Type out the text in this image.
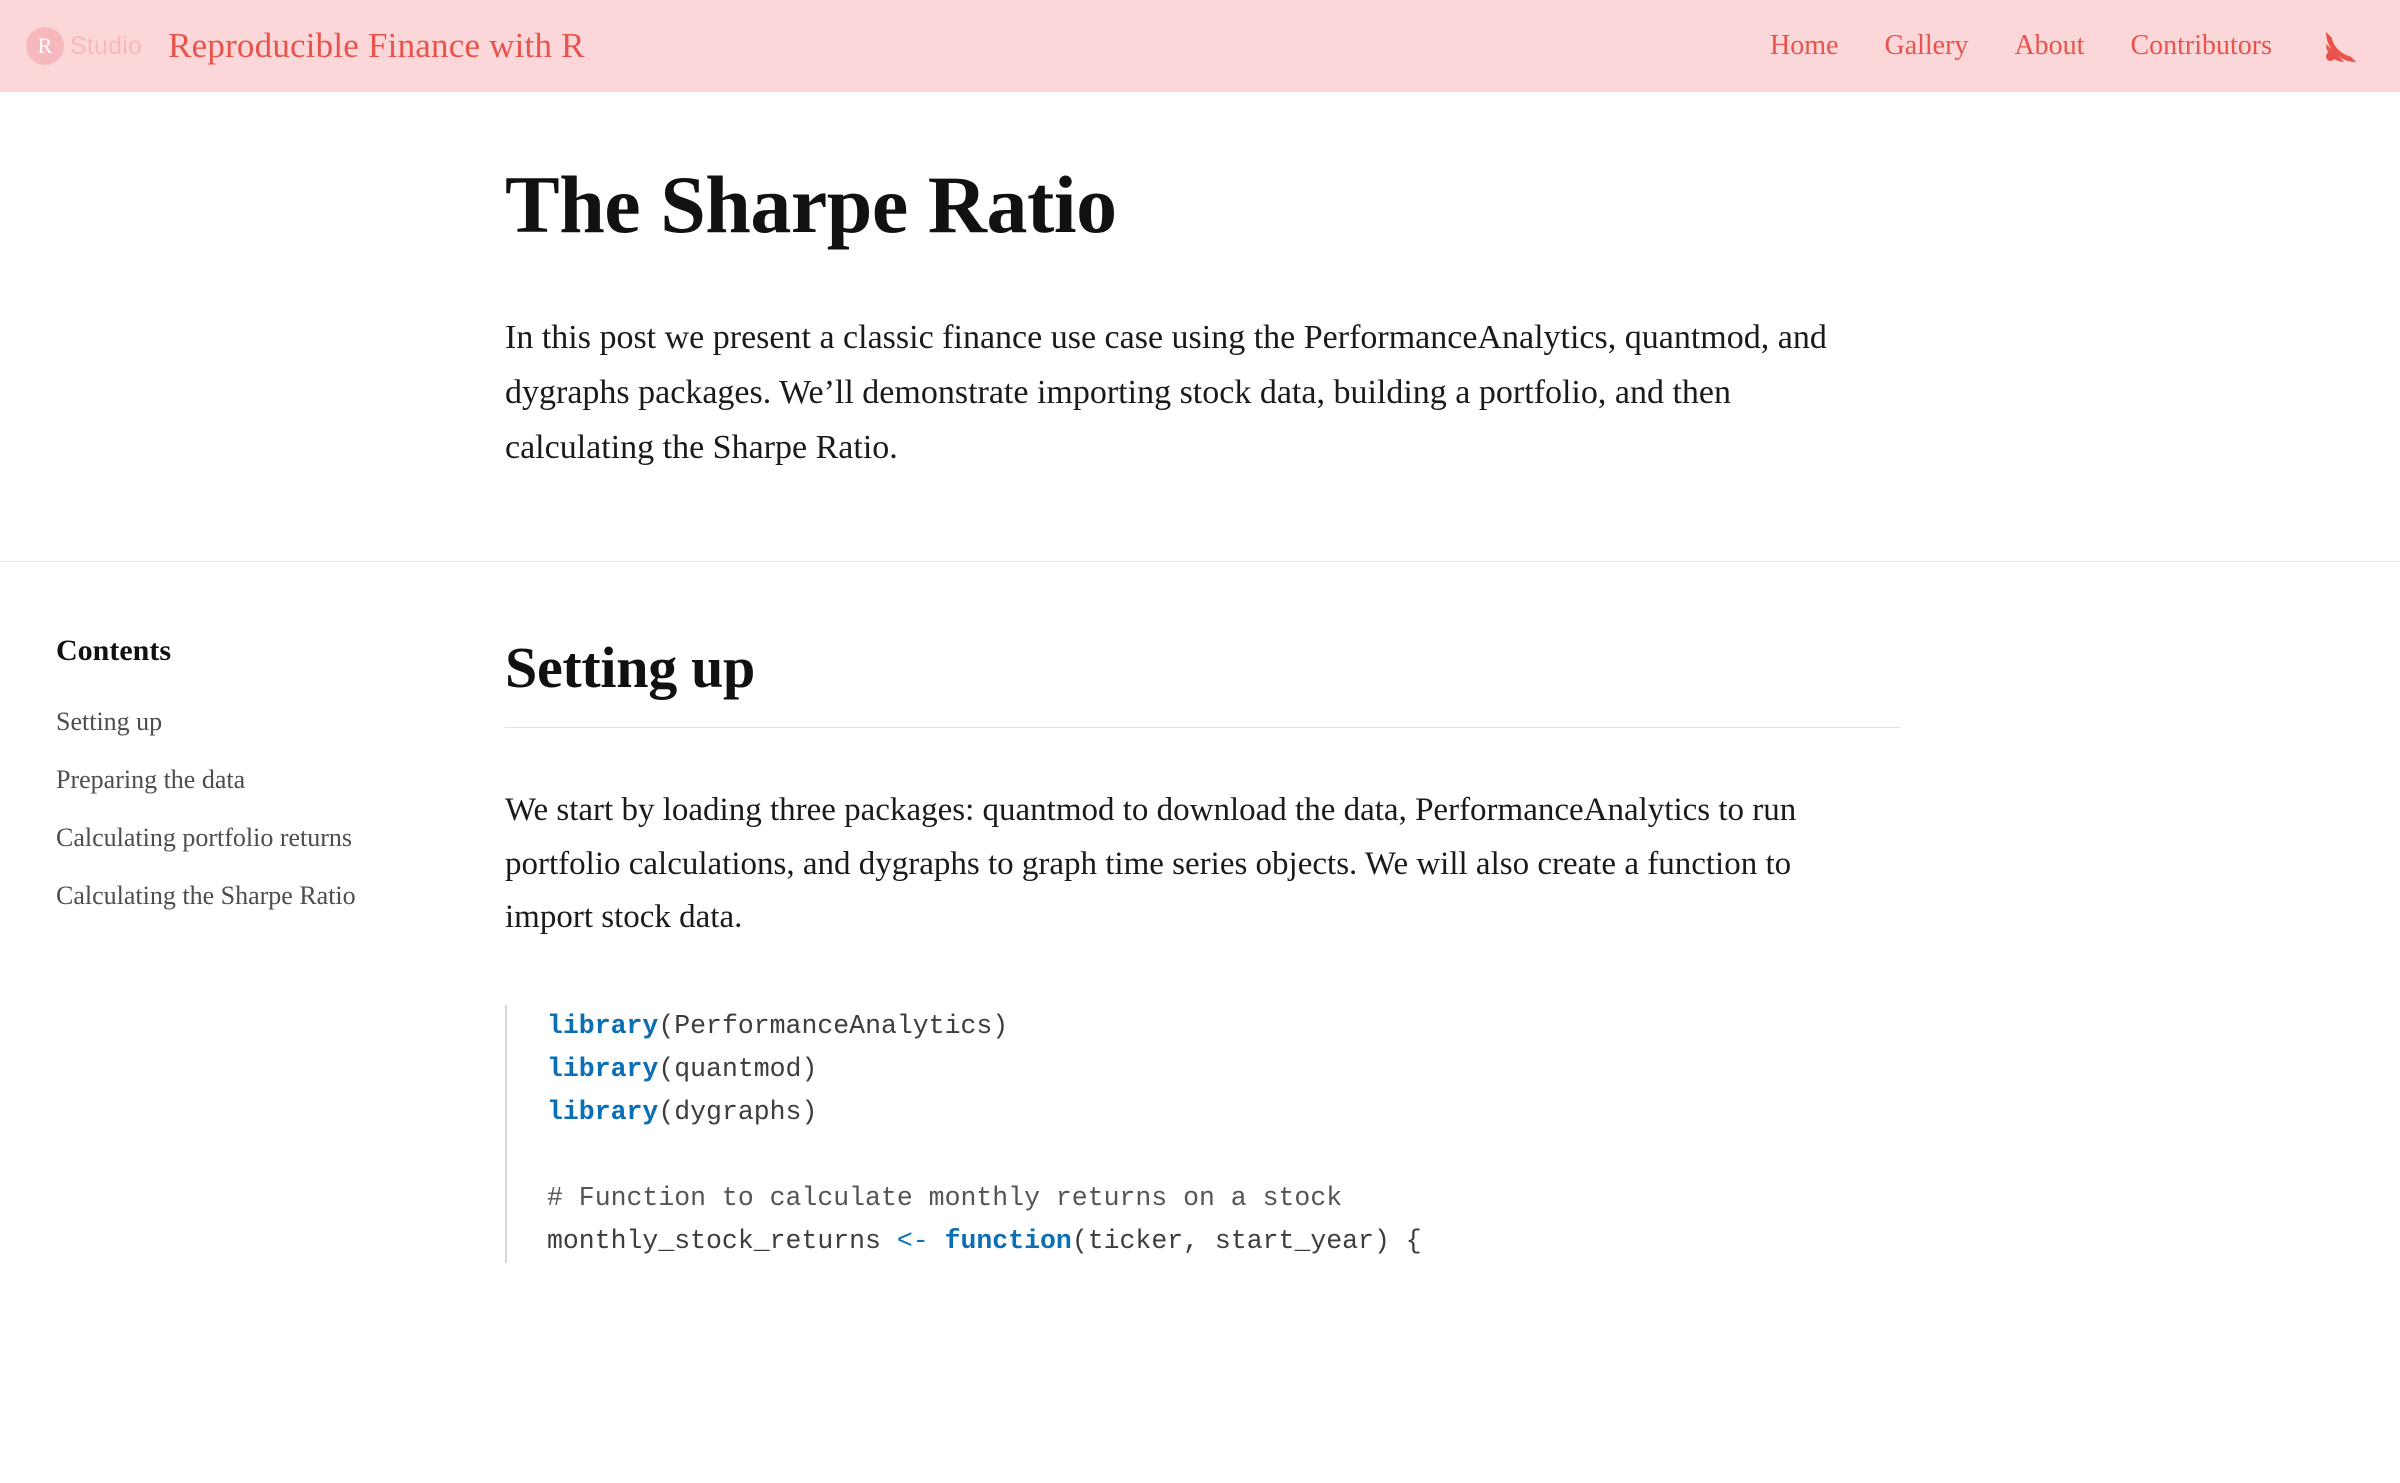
R Studio Reproducible Finance with R	Home Gallery About Contributors
The Sharpe Ratio

In this post we present a classic finance use case using the PerformanceAnalytics, quantmod, and dygraphs packages. We’ll demonstrate importing stock data, building a portfolio, and then calculating the Sharpe Ratio.

Contents
Setting up
Preparing the data
Calculating portfolio returns
Calculating the Sharpe Ratio
Setting up

We start by loading three packages: quantmod to download the data, PerformanceAnalytics to run portfolio calculations, and dygraphs to graph time series objects. We will also create a function to import stock data.

library(PerformanceAnalytics)
library(quantmod)
library(dygraphs)

# Function to calculate monthly returns on a stock
monthly_stock_returns <- function(ticker, start_year) {
